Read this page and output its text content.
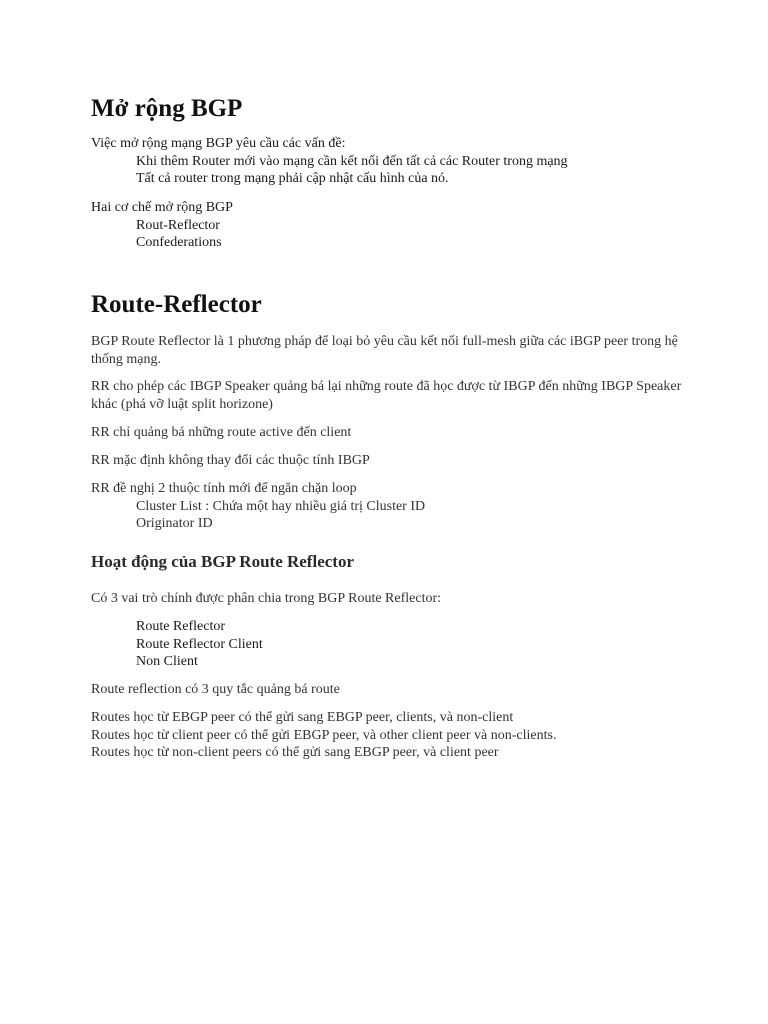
Mở rộng BGP

Việc mở rộng mạng BGP yêu cầu các vấn đề:

Khi thêm Router mới vào mạng cần kết nối đến tất cả các Router trong mạng

Tất cả router trong mạng phải cập nhật cấu hình của nó.

Hai cơ chế mở rộng BGP

Rout-Reflector

Confederations

Route-Reflector

BGP Route Reflector là 1 phương pháp để loại bỏ yêu cầu kết nối full-mesh giữa các iBGP peer trong hệ thống mạng.

RR cho phép các IBGP Speaker quảng bá lại những route đã học được từ IBGP đến những IBGP Speaker khác (phá vỡ luật split horizone)

RR chỉ quảng bá những route active đến client

RR mặc định không thay đổi các thuộc tính IBGP

RR đề nghị 2 thuộc tính mới để ngăn chặn loop

Cluster List : Chứa một hay nhiều giá trị Cluster ID

Originator ID

Hoạt động của BGP Route Reflector

Có 3 vai trò chính được phân chia trong BGP Route Reflector:

Route Reflector

Route Reflector Client

Non Client

Route reflection có 3 quy tắc quảng bá route

Routes học từ EBGP peer có thể gửi sang EBGP peer, clients, và non-client

Routes học từ client peer có thể gửi EBGP peer, và other client peer và non-clients.

Routes học từ non-client peers có thể gửi sang EBGP peer, và client peer
